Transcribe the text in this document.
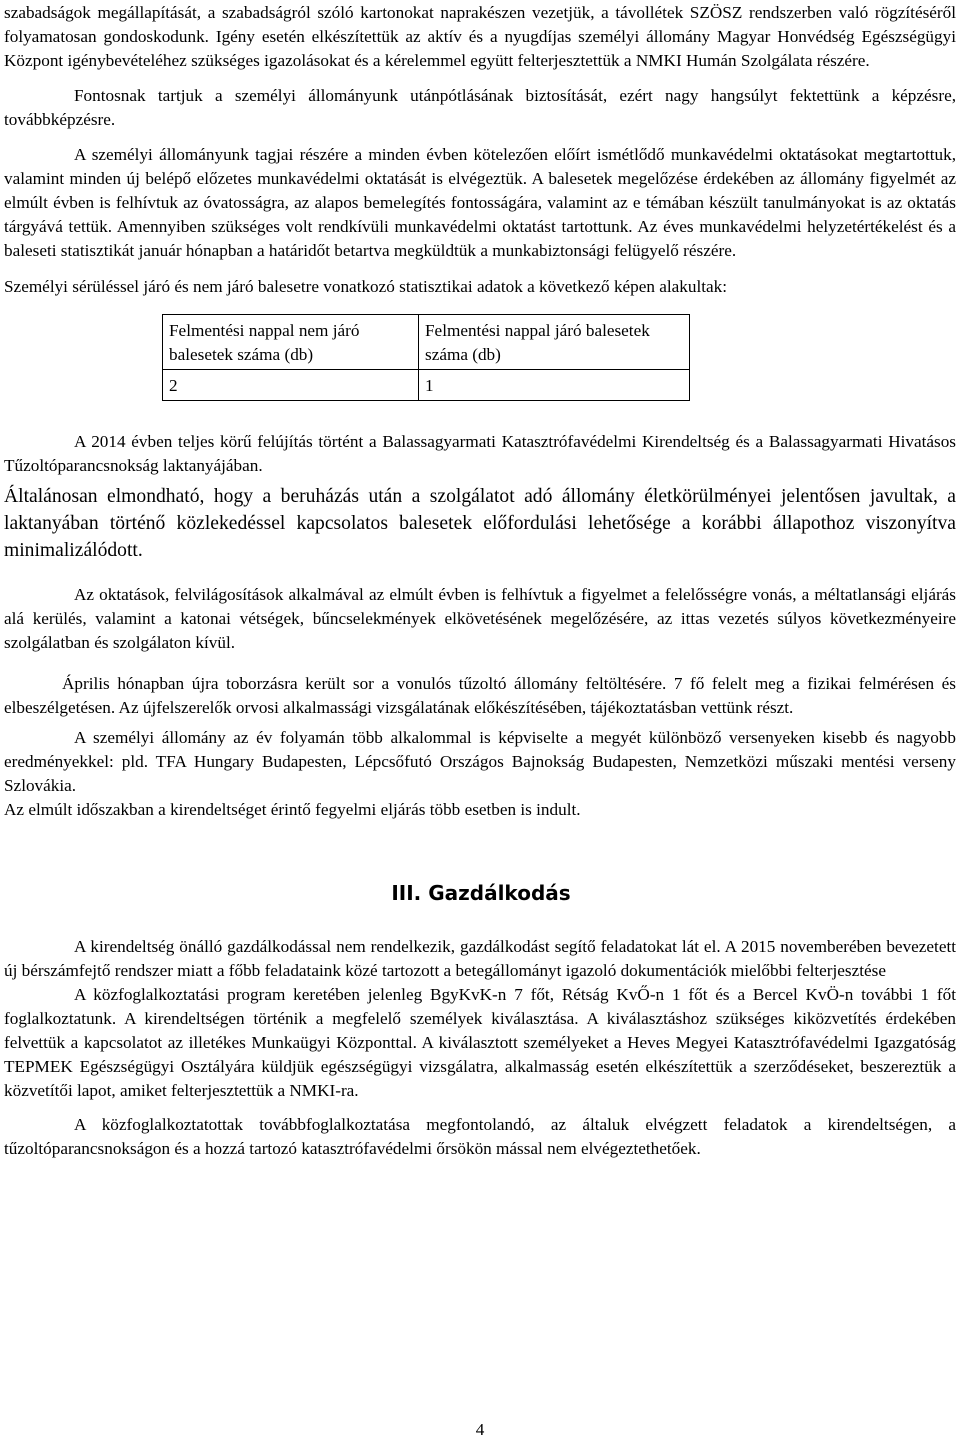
szabadságok megállapítását, a szabadságról szóló kartonokat naprakészen vezetjük, a távollétek SZÖSZ rendszerben való rögzítéséről folyamatosan gondoskodunk. Igény esetén elkészítettük az aktív és a nyugdíjas személyi állomány Magyar Honvédség Egészségügyi Központ igénybevételéhez szükséges igazolásokat és a kérelemmel együtt felterjesztettük a NMKI Humán Szolgálata részére.

Fontosnak tartjuk a személyi állományunk utánpótlásának biztosítását, ezért nagy hangsúlyt fektettünk a képzésre, továbbképzésre.

A személyi állományunk tagjai részére a minden évben kötelezően előírt ismétlődő munkavédelmi oktatásokat megtartottuk, valamint minden új belépő előzetes munkavédelmi oktatását is elvégeztük. A balesetek megelőzése érdekében az állomány figyelmét az elmúlt évben is felhívtuk az óvatosságra, az alapos bemelegítés fontosságára, valamint az e témában készült tanulmányokat is az oktatás tárgyává tettük. Amennyiben szükséges volt rendkívüli munkavédelmi oktatást tartottunk. Az éves munkavédelmi helyzetértékelést és a baleseti statisztikát január hónapban a határidőt betartva megküldtük a munkabiztonsági felügyelő részére.

Személyi sérüléssel járó és nem járó balesetre vonatkozó statisztikai adatok a következő képen alakultak:

Felmentési nappal nem járó balesetek száma (db)	Felmentési nappal járó balesetek száma (db)
2	1

A 2014 évben teljes körű felújítás történt a Balassagyarmati Katasztrófavédelmi Kirendeltség és a Balassagyarmati Hivatásos Tűzoltóparancsnokság laktanyájában.

Általánosan elmondható, hogy a beruházás után a szolgálatot adó állomány életkörülményei jelentősen javultak, a laktanyában történő közlekedéssel kapcsolatos balesetek előfordulási lehetősége a korábbi állapothoz viszonyítva minimalizálódott.

Az oktatások, felvilágosítások alkalmával az elmúlt évben is felhívtuk a figyelmet a felelősségre vonás, a méltatlansági eljárás alá kerülés, valamint a katonai vétségek, bűncselekmények elkövetésének megelőzésére, az ittas vezetés súlyos következményeire szolgálatban és szolgálaton kívül.

Április hónapban újra toborzásra került sor a vonulós tűzoltó állomány feltöltésére. 7 fő felelt meg a fizikai felmérésen és elbeszélgetésen. Az újfelszerelők orvosi alkalmassági vizsgálatának előkészítésében, tájékoztatásban vettünk részt.

A személyi állomány az év folyamán több alkalommal is képviselte a megyét különböző versenyeken kisebb és nagyobb eredményekkel: pld. TFA Hungary Budapesten, Lépcsőfutó Országos Bajnokság Budapesten, Nemzetközi műszaki mentési verseny Szlovákia.

Az elmúlt időszakban a kirendeltséget érintő fegyelmi eljárás több esetben is indult.

III. Gazdálkodás

A kirendeltség önálló gazdálkodással nem rendelkezik, gazdálkodást segítő feladatokat lát el. A 2015 novemberében bevezetett új bérszámfejtő rendszer miatt a főbb feladataink közé tartozott a betegállományt igazoló dokumentációk mielőbbi felterjesztése

A közfoglalkoztatási program keretében jelenleg BgyKvK-n 7 főt, Rétság KvŐ-n 1 főt és a Bercel KvÖ-n további 1 főt foglalkoztatunk. A kirendeltségen történik a megfelelő személyek kiválasztása. A kiválasztáshoz szükséges kiközvetítés érdekében felvettük a kapcsolatot az illetékes Munkaügyi Központtal. A kiválasztott személyeket a Heves Megyei Katasztrófavédelmi Igazgatóság TEPMEK Egészségügyi Osztályára küldjük egészségügyi vizsgálatra, alkalmasság esetén elkészítettük a szerződéseket, beszereztük a közvetítői lapot, amiket felterjesztettük a NMKI-ra.

A közfoglalkoztatottak továbbfoglalkoztatása megfontolandó, az általuk elvégzett feladatok a kirendeltségen, a tűzoltóparancsnokságon és a hozzá tartozó katasztrófavédelmi őrsökön mással nem elvégeztethetőek.

4
